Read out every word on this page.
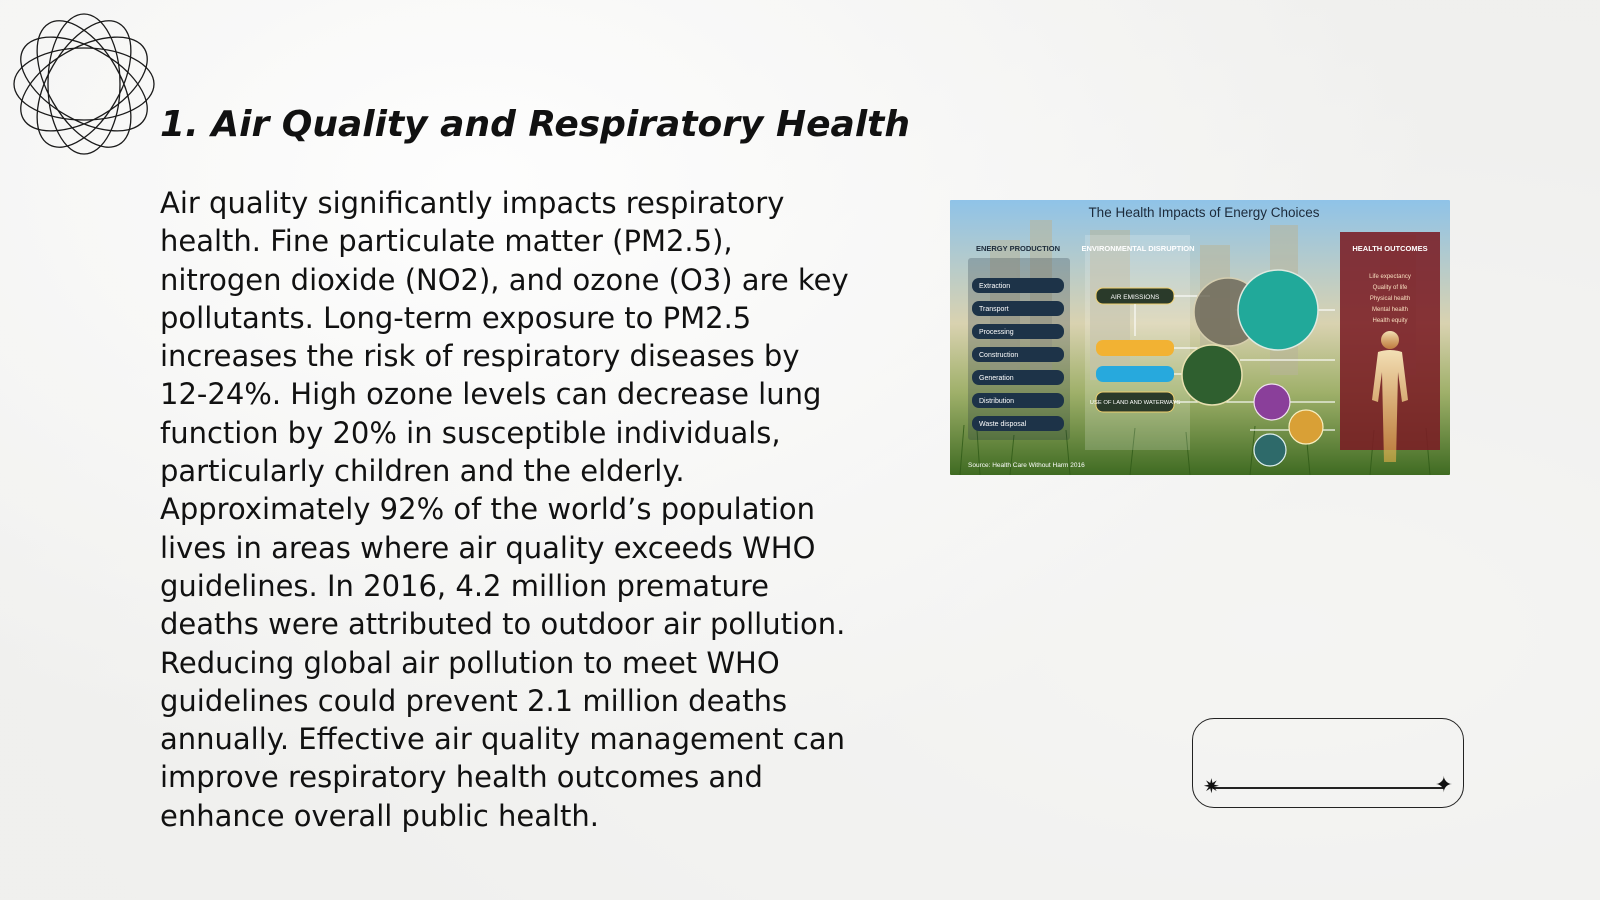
1. Air Quality and Respiratory Health

Air quality significantly impacts respiratory health. Fine particulate matter (PM2.5), nitrogen dioxide (NO2), and ozone (O3) are key pollutants. Long-term exposure to PM2.5 increases the risk of respiratory diseases by 12-24%. High ozone levels can decrease lung function by 20% in susceptible individuals, particularly children and the elderly. Approximately 92% of the world’s population lives in areas where air quality exceeds WHO guidelines. In 2016, 4.2 million premature deaths were attributed to outdoor air pollution. Reducing global air pollution to meet WHO guidelines could prevent 2.1 million deaths annually. Effective air quality management can improve respiratory health outcomes and enhance overall public health.

The Health Impacts of Energy Choices
ENERGY PRODUCTION
Extraction
Transport
Processing
Construction
Generation
Distribution
Waste disposal
ENVIRONMENTAL DISRUPTION
AIR EMISSIONS
USE OF LAND AND WATERWAYS
HEALTH OUTCOMES
Life expectancy
Quality of life
Physical health
Mental health
Health equity
Source: Health Care Without Harm 2016
✷	✦
